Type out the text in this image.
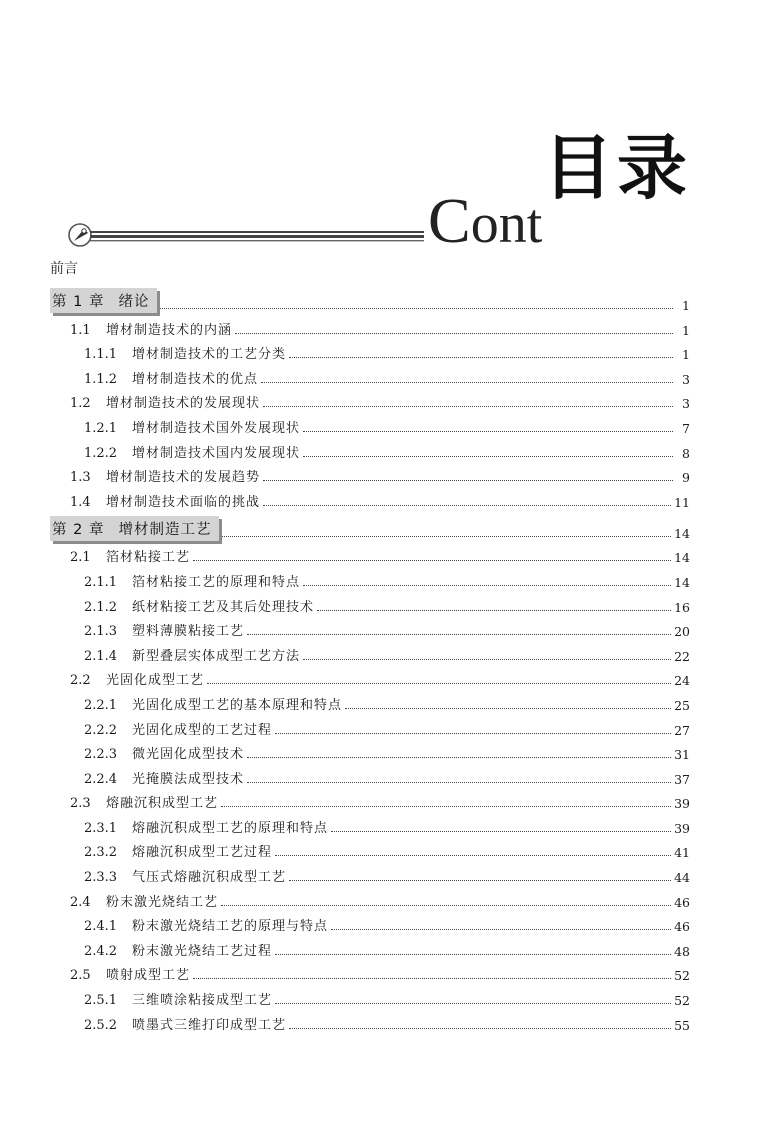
目录
Cont
前言
第 1 章 绪论	1
1.1 增材制造技术的内涵	1
1.1.1 增材制造技术的工艺分类	1
1.1.2 增材制造技术的优点	3
1.2 增材制造技术的发展现状	3
1.2.1 增材制造技术国外发展现状	7
1.2.2 增材制造技术国内发展现状	8
1.3 增材制造技术的发展趋势	9
1.4 增材制造技术面临的挑战	11
第 2 章 增材制造工艺	14
2.1 箔材粘接工艺	14
2.1.1 箔材粘接工艺的原理和特点	14
2.1.2 纸材粘接工艺及其后处理技术	16
2.1.3 塑料薄膜粘接工艺	20
2.1.4 新型叠层实体成型工艺方法	22
2.2 光固化成型工艺	24
2.2.1 光固化成型工艺的基本原理和特点	25
2.2.2 光固化成型的工艺过程	27
2.2.3 微光固化成型技术	31
2.2.4 光掩膜法成型技术	37
2.3 熔融沉积成型工艺	39
2.3.1 熔融沉积成型工艺的原理和特点	39
2.3.2 熔融沉积成型工艺过程	41
2.3.3 气压式熔融沉积成型工艺	44
2.4 粉末激光烧结工艺	46
2.4.1 粉末激光烧结工艺的原理与特点	46
2.4.2 粉末激光烧结工艺过程	48
2.5 喷射成型工艺	52
2.5.1 三维喷涂粘接成型工艺	52
2.5.2 喷墨式三维打印成型工艺	55
